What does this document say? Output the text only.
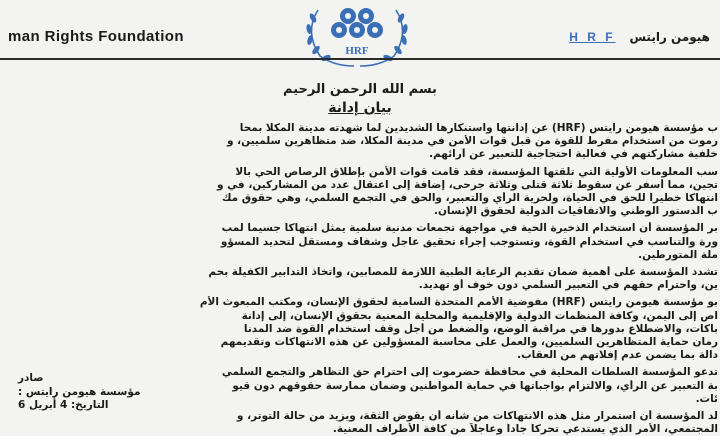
man Rights Foundation
HRF
هيومن رايتس H R F
بسم الله الرحمن الرحيم
بيان إدانة
ب مؤسسة هيومن رايتس (HRF) عن إدانتها واستنكارها الشديدين لما شهدته مدينة المكلا بمحا
رموت من استخدام مفرط للقوة من قبل قوات الأمن في مدينة المكلا، ضد متظاهرين سلميين، و
خلفية مشاركتهم في فعالية احتجاجية للتعبير عن آرائهم.
سب المعلومات الأولية التي تلقتها المؤسسة، فقد قامت قوات الأمن بإطلاق الرصاص الحي بالا
تجين، مما أسفر عن سقوط ثلاثة قتلى وثلاثة جرحى، إضافة إلى اعتقال عدد من المشاركين، في و
انتهاكاً خطيراً للحق في الحياة، ولحرية الرأي والتعبير، والحق في التجمع السلمي، وهي حقوق مك
ب الدستور الوطني والاتفاقيات الدولية لحقوق الإنسان.
بر المؤسسة أن استخدام الذخيرة الحية في مواجهة تجمعات مدنية سلمية يمثل انتهاكاً جسيماً لمب
ورة والتناسب في استخدام القوة، وتستوجب إجراء تحقيق عاجل وشفاف ومستقل لتحديد المسؤو
ملة المتورطين.
تشدد المؤسسة على أهمية ضمان تقديم الرعاية الطبية اللازمة للمصابين، واتخاذ التدابير الكفيلة بحم
ين، واحترام حقهم في التعبير السلمي دون خوف أو تهديد.
بو مؤسسة هيومن رايتس (HRF) مفوضية الأمم المتحدة السامية لحقوق الإنسان، ومكتب المبعوث الأم
اص إلى اليمن، وكافة المنظمات الدولية والإقليمية والمحلية المعنية بحقوق الإنسان، إلى إدانة
باكات، والاضطلاع بدورها في مراقبة الوضع، والضغط من أجل وقف استخدام القوة ضد المدنا
رمان حماية المتظاهرين السلميين، والعمل على محاسبة المسؤولين عن هذه الانتهاكات وتقديمهم
دالة بما يضمن عدم إفلاتهم من العقاب.
تدعو المؤسسة السلطات المحلية في محافظة حضرموت إلى احترام حق التظاهر والتجمع السلمي
بة التعبير عن الرأي، والالتزام بواجباتها في حماية المواطنين وضمان ممارسة حقوقهم دون قيو
ئات.
لد المؤسسة أن استمرار مثل هذه الانتهاكات من شأنه أن يقوض الثقة، ويزيد من حالة التوتر، و
المجتمعي، الأمر الذي يستدعي تحركاً جاداً وعاجلاً من كافة الأطراف المعنية.
صادر
مؤسسة هيومن رايتس :
التاريخ: 4 أبريل 6
